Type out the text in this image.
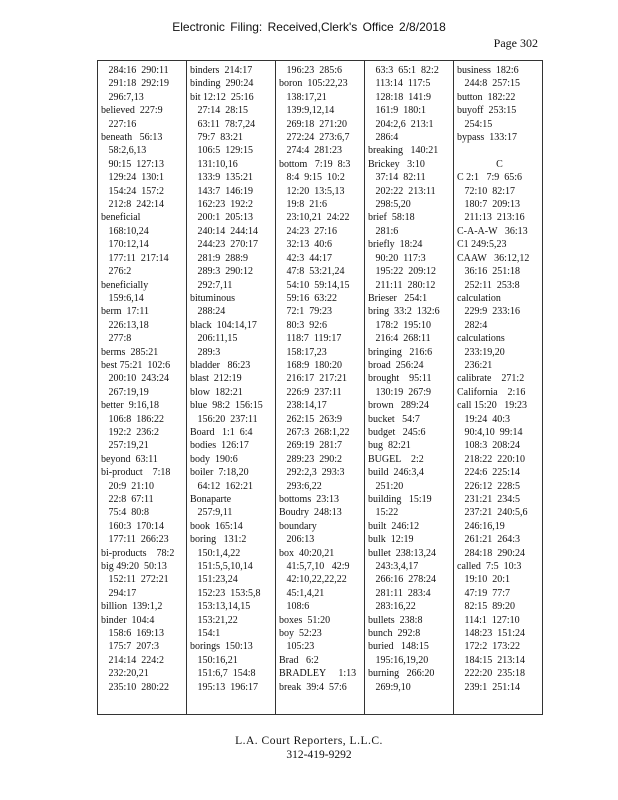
Electronic Filing: Received,Clerk's Office 2/8/2018
Page 302
284:16  290:11
291:18  292:19
296:7,13
believed  227:9
227:16
beneath   56:13
58:2,6,13
90:15  127:13
129:24  130:1
154:24  157:2
212:8  242:14
beneficial
168:10,24
170:12,14
177:11  217:14
276:2
beneficially
159:6,14
berm  17:11
226:13,18
277:8
berms  285:21
best 75:21  102:6
200:10  243:24
267:19,19
better  9:16,18
106:8  186:22
192:2  236:2
257:19,21
beyond  63:11
bi-product    7:18
20:9  21:10
22:8  67:11
75:4  80:8
160:3  170:14
177:11  266:23
bi-products    78:2
big 49:20  50:13
152:11  272:21
294:17
billion  139:1,2
binder  104:4
158:6  169:13
175:7  207:3
214:14  224:2
232:20,21
235:10  280:22
binders  214:17
binding  290:24
bit 12:12  25:16
27:14  28:15
63:11  78:7,24
79:7  83:21
106:5  129:15
131:10,16
133:9  135:21
143:7  146:19
162:23  192:2
200:1  205:13
240:14  244:14
244:23  270:17
281:9  288:9
289:3  290:12
292:7,11
bituminous
288:24
black  104:14,17
206:11,15
289:3
bladder   86:23
blast  212:19
blow  182:21
blue  98:2  156:15
156:20  237:11
Board   1:1  6:4
bodies  126:17
body  190:6
boiler  7:18,20
64:12  162:21
Bonaparte
257:9,11
book  165:14
boring   131:2
150:1,4,22
151:5,5,10,14
151:23,24
152:23  153:5,8
153:13,14,15
153:21,22
154:1
borings  150:13
150:16,21
151:6,7  154:8
195:13  196:17
196:23  285:6
boron  105:22,23
138:17,21
139:9,12,14
269:18  271:20
272:24  273:6,7
274:4  281:23
bottom   7:19  8:3
8:4  9:15  10:2
12:20  13:5,13
19:8  21:6
23:10,21  24:22
24:23  27:16
32:13  40:6
42:3  44:17
47:8  53:21,24
54:10  59:14,15
59:16  63:22
72:1  79:23
80:3  92:6
118:7  119:17
158:17,23
168:9  180:20
216:17  217:21
226:9  237:11
238:14,17
262:15  263:9
267:3  268:1,22
269:19  281:7
289:23  290:2
292:2,3  293:3
293:6,22
bottoms  23:13
Boudry  248:13
boundary
206:13
box  40:20,21
41:5,7,10   42:9
42:10,22,22,22
45:1,4,21
108:6
boxes  51:20
boy  52:23
105:23
Brad   6:2
BRADLEY     1:13
break  39:4  57:6
63:3  65:1  82:2
113:14  117:5
128:18  141:9
161:9  180:1
204:2,6  213:1
286:4
breaking   140:21
Brickey   3:10
37:14  82:11
202:22  213:11
298:5,20
brief  58:18
281:6
briefly  18:24
90:20  117:3
195:22  209:12
211:11  280:12
Brieser   254:1
bring  33:2  132:6
178:2  195:10
216:4  268:11
bringing   216:6
broad  256:24
brought    95:11
130:19  267:9
brown   289:24
bucket   54:7
budget   245:6
bug  82:21
BUGEL    2:2
build  246:3,4
251:20
building   15:19
15:22
built  246:12
bulk  12:19
bullet  238:13,24
243:3,4,17
266:16  278:24
281:11  283:4
283:16,22
bullets  238:8
bunch  292:8
buried   148:15
195:16,19,20
burning   266:20
269:9,10
business  182:6
244:8  257:15
button  182:22
buyoff  253:15
254:15
bypass  133:17

C
C 2:1   7:9  65:6
72:10  82:17
180:7  209:13
211:13  213:16
C-A-A-W   36:13
C1 249:5,23
CAAW   36:12,12
36:16  251:18
252:11  253:8
calculation
229:9  233:16
282:4
calculations
233:19,20
236:21
calibrate    271:2
California    2:16
call 15:20   19:23
19:24  40:3
90:4,10  99:14
108:3  208:24
218:22  220:10
224:6  225:14
226:12  228:5
231:21  234:5
237:21  240:5,6
246:16,19
261:21  264:3
284:18  290:24
called  7:5  10:3
19:10  20:1
47:19  77:7
82:15  89:20
114:1  127:10
148:23  151:24
172:2  173:22
184:15  213:14
222:20  235:18
239:1  251:14
L.A. Court Reporters, L.L.C.
312-419-9292
